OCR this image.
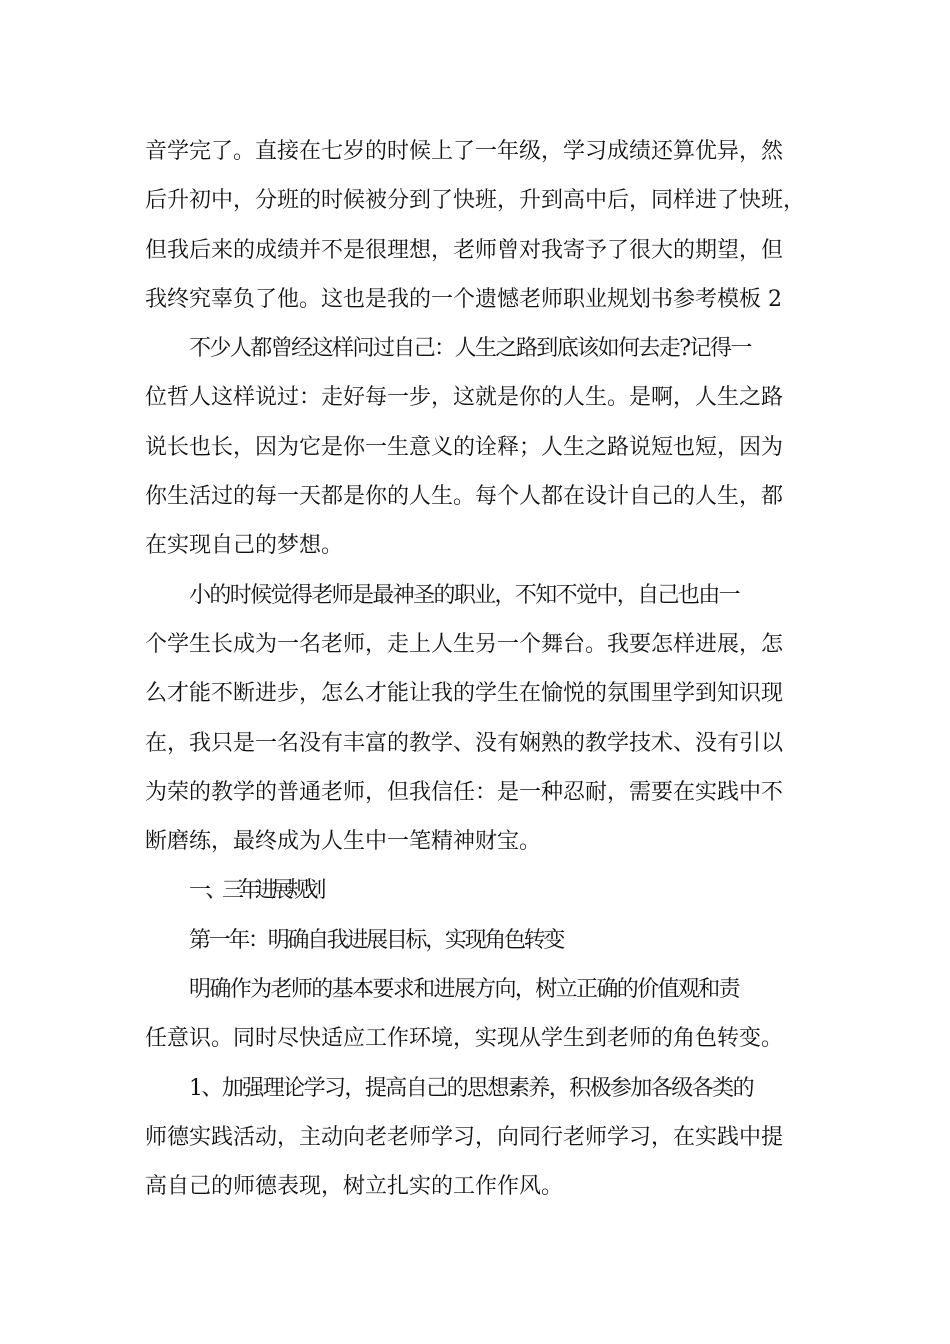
音学完了。直接在七岁的时候上了一年级，学习成绩还算优异，然
后升初中，分班的时候被分到了快班，升到高中后，同样进了快班，
但我后来的成绩并不是很理想，老师曾对我寄予了很大的期望，但
我终究辜负了他。这也是我的一个遗憾老师职业规划书参考模板 2
不少人都曾经这样问过自己：人生之路到底该如何去走?记得一
位哲人这样说过：走好每一步，这就是你的人生。是啊，人生之路
说长也长，因为它是你一生意义的诠释；人生之路说短也短，因为
你生活过的每一天都是你的人生。每个人都在设计自己的人生，都
在实现自己的梦想。
小的时候觉得老师是最神圣的职业，不知不觉中，自己也由一
个学生长成为一名老师，走上人生另一个舞台。我要怎样进展，怎
么才能不断进步，怎么才能让我的学生在愉悦的氛围里学到知识现
在，我只是一名没有丰富的教学、没有娴熟的教学技术、没有引以
为荣的教学的普通老师，但我信任：是一种忍耐，需要在实践中不
断磨练，最终成为人生中一笔精神财宝。
一、三年进展规划
第一年：明确自我进展目标，实现角色转变
明确作为老师的基本要求和进展方向，树立正确的价值观和责
任意识。同时尽快适应工作环境，实现从学生到老师的角色转变。
1、加强理论学习，提高自己的思想素养，积极参加各级各类的
师德实践活动，主动向老老师学习，向同行老师学习，在实践中提
高自己的师德表现，树立扎实的工作作风。
